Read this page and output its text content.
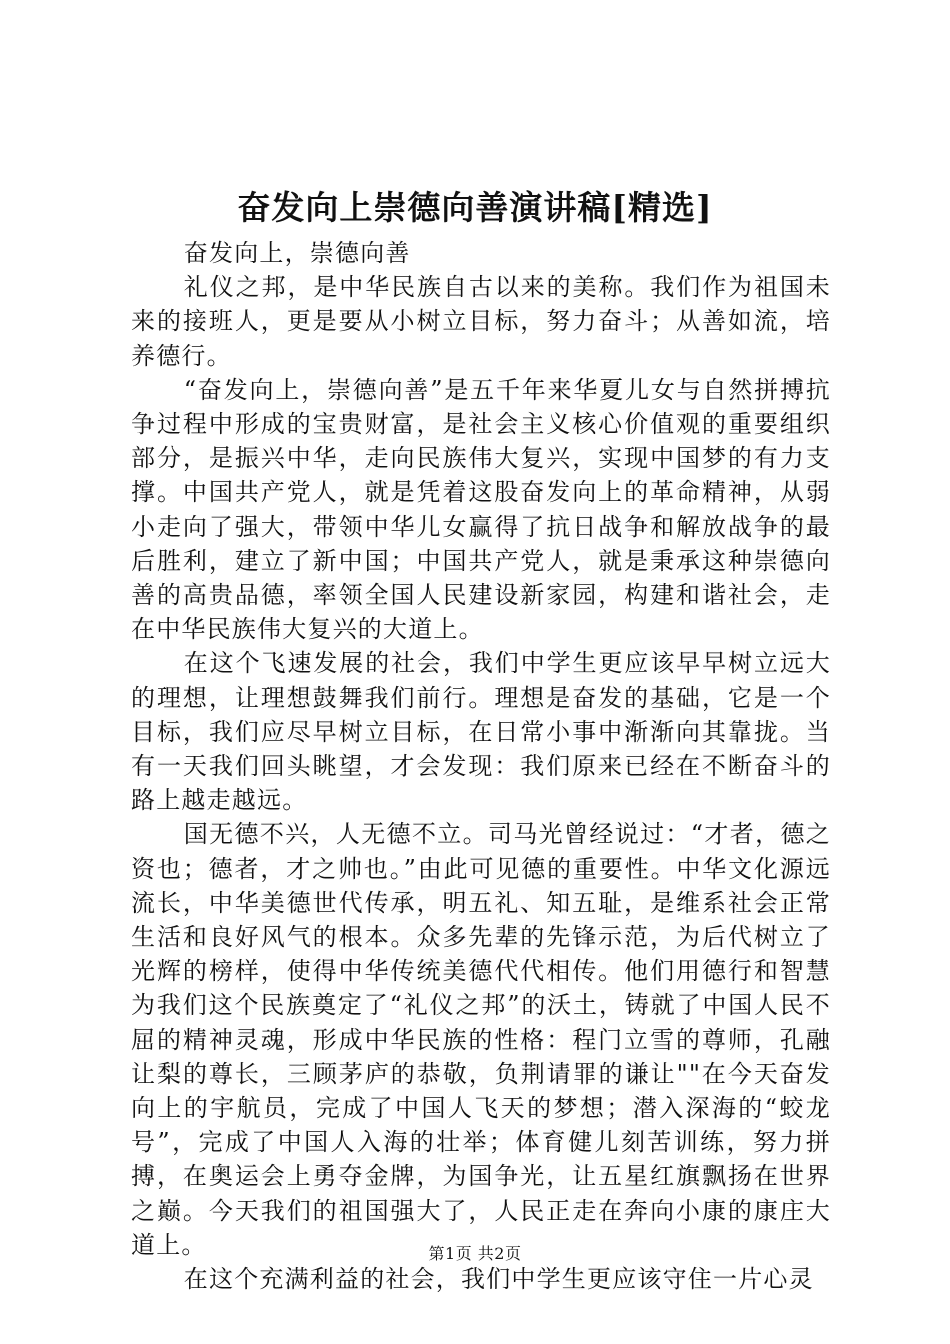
奋发向上崇德向善演讲稿[精选]

奋发向上，崇德向善

礼仪之邦，是中华民族自古以来的美称。我们作为祖国未来的接班人，更是要从小树立目标，努力奋斗；从善如流，培养德行。

“奋发向上，崇德向善”是五千年来华夏儿女与自然拼搏抗争过程中形成的宝贵财富，是社会主义核心价值观的重要组织部分，是振兴中华，走向民族伟大复兴，实现中国梦的有力支撑。中国共产党人，就是凭着这股奋发向上的革命精神，从弱小走向了强大，带领中华儿女赢得了抗日战争和解放战争的最后胜利，建立了新中国；中国共产党人，就是秉承这种崇德向善的高贵品德，率领全国人民建设新家园，构建和谐社会，走在中华民族伟大复兴的大道上。

在这个飞速发展的社会，我们中学生更应该早早树立远大的理想，让理想鼓舞我们前行。理想是奋发的基础，它是一个目标，我们应尽早树立目标，在日常小事中渐渐向其靠拢。当有一天我们回头眺望，才会发现：我们原来已经在不断奋斗的路上越走越远。

国无德不兴，人无德不立。司马光曾经说过：“才者，德之资也；德者，才之帅也。”由此可见德的重要性。中华文化源远流长，中华美德世代传承，明五礼、知五耻，是维系社会正常生活和良好风气的根本。众多先辈的先锋示范，为后代树立了光辉的榜样，使得中华传统美德代代相传。他们用德行和智慧为我们这个民族奠定了“礼仪之邦”的沃土，铸就了中国人民不屈的精神灵魂，形成中华民族的性格：程门立雪的尊师，孔融让梨的尊长，三顾茅庐的恭敬，负荆请罪的谦让""在今天奋发向上的宇航员，完成了中国人飞天的梦想；潜入深海的“蛟龙号”，完成了中国人入海的壮举；体育健儿刻苦训练，努力拼搏，在奥运会上勇夺金牌，为国争光，让五星红旗飘扬在世界之巅。今天我们的祖国强大了，人民正走在奔向小康的康庄大道上。

在这个充满利益的社会，我们中学生更应该守住一片心灵

第1页 共2页
